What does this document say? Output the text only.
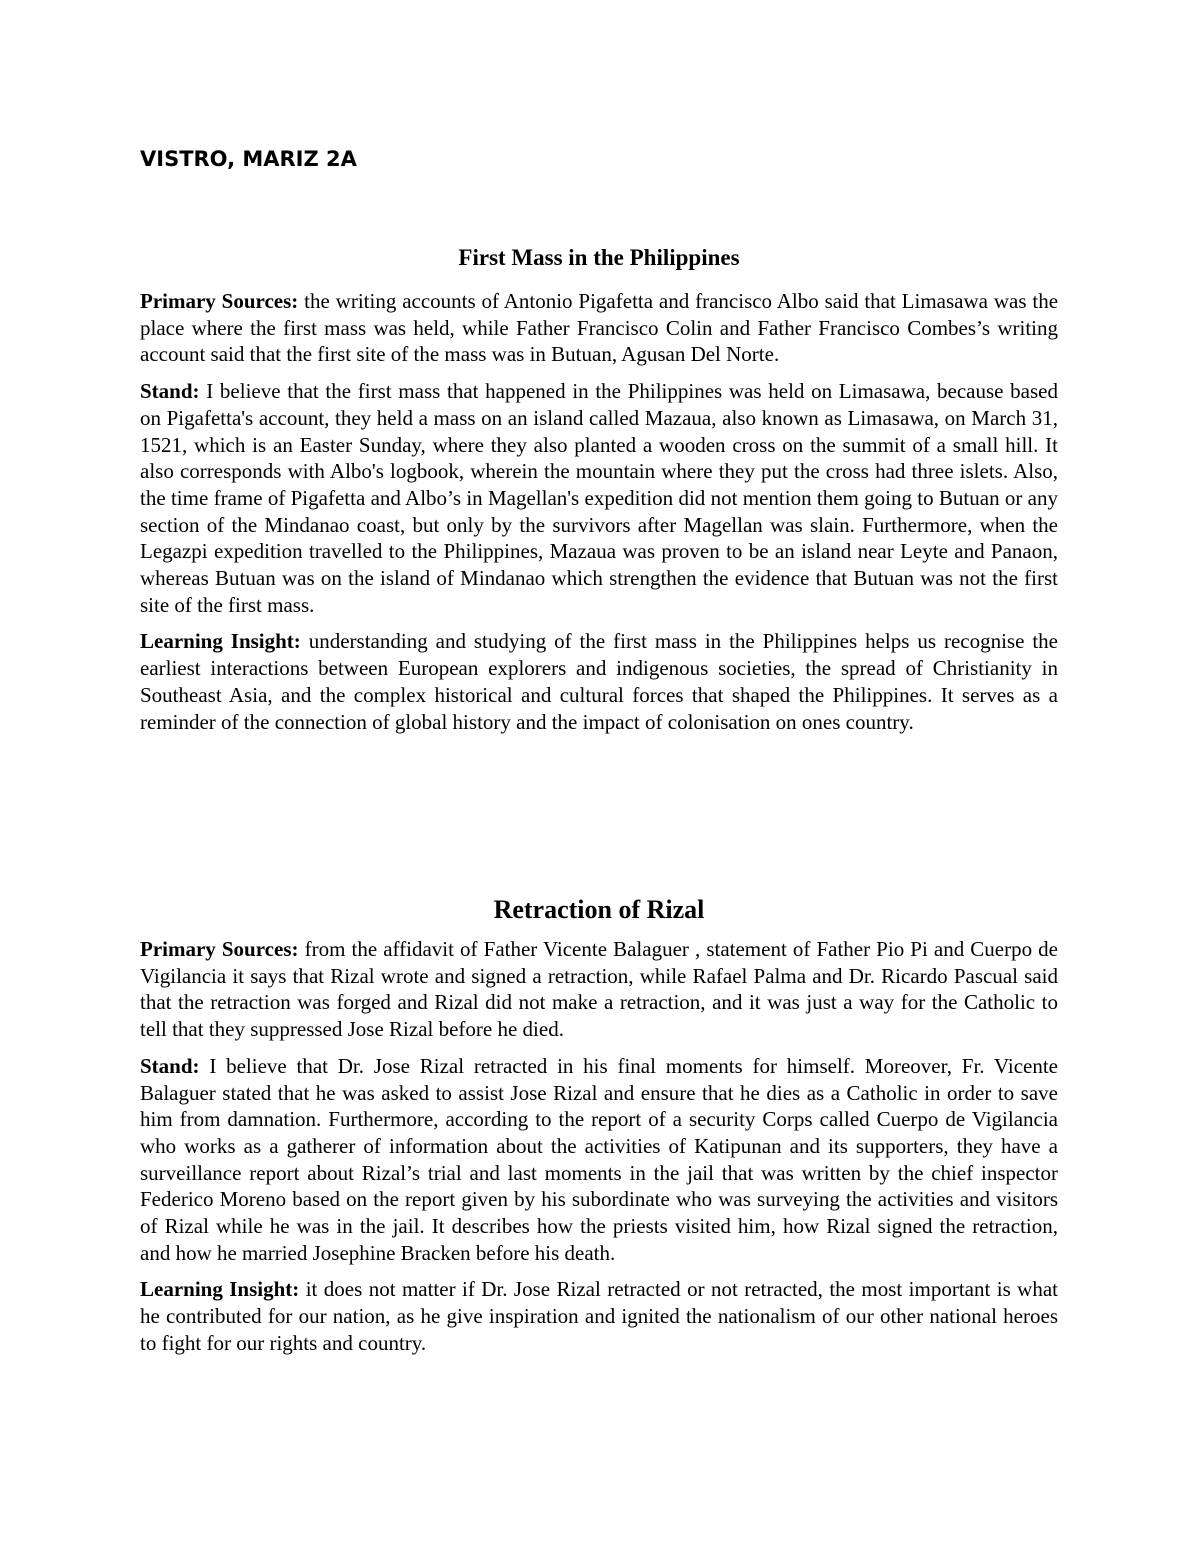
VISTRO, MARIZ 2A

First Mass in the Philippines

Primary Sources: the writing accounts of Antonio Pigafetta and francisco Albo said that Limasawa was the place where the first mass was held, while Father Francisco Colin and Father Francisco Combes’s writing account said that the first site of the mass was in Butuan, Agusan Del Norte.

Stand: I believe that the first mass that happened in the Philippines was held on Limasawa, because based on Pigafetta's account, they held a mass on an island called Mazaua, also known as Limasawa, on March 31, 1521, which is an Easter Sunday, where they also planted a wooden cross on the summit of a small hill. It also corresponds with Albo's logbook, wherein the mountain where they put the cross had three islets. Also, the time frame of Pigafetta and Albo’s in Magellan's expedition did not mention them going to Butuan or any section of the Mindanao coast, but only by the survivors after Magellan was slain. Furthermore, when the Legazpi expedition travelled to the Philippines, Mazaua was proven to be an island near Leyte and Panaon, whereas Butuan was on the island of Mindanao which strengthen the evidence that Butuan was not the first site of the first mass.

Learning Insight: understanding and studying of the first mass in the Philippines helps us recognise the earliest interactions between European explorers and indigenous societies, the spread of Christianity in Southeast Asia, and the complex historical and cultural forces that shaped the Philippines. It serves as a reminder of the connection of global history and the impact of colonisation on ones country.

Retraction of Rizal

Primary Sources: from the affidavit of Father Vicente Balaguer , statement of Father Pio Pi and Cuerpo de Vigilancia it says that Rizal wrote and signed a retraction, while Rafael Palma and Dr. Ricardo Pascual said that the retraction was forged and Rizal did not make a retraction, and it was just a way for the Catholic to tell that they suppressed Jose Rizal before he died.

Stand: I believe that Dr. Jose Rizal retracted in his final moments for himself. Moreover, Fr. Vicente Balaguer stated that he was asked to assist Jose Rizal and ensure that he dies as a Catholic in order to save him from damnation. Furthermore, according to the report of a security Corps called Cuerpo de Vigilancia who works as a gatherer of information about the activities of Katipunan and its supporters, they have a surveillance report about Rizal’s trial and last moments in the jail that was written by the chief inspector Federico Moreno based on the report given by his subordinate who was surveying the activities and visitors of Rizal while he was in the jail. It describes how the priests visited him, how Rizal signed the retraction, and how he married Josephine Bracken before his death.

Learning Insight: it does not matter if Dr. Jose Rizal retracted or not retracted, the most important is what he contributed for our nation, as he give inspiration and ignited the nationalism of our other national heroes to fight for our rights and country.
